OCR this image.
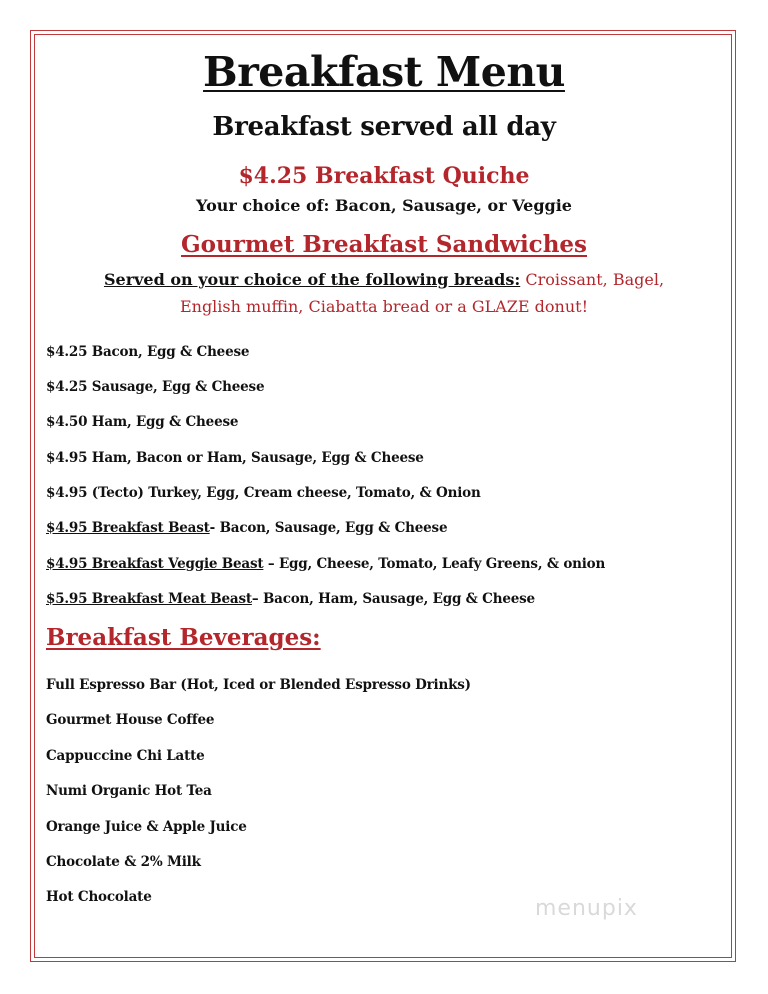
Breakfast Menu
Breakfast served all day
$4.25 Breakfast Quiche
Your choice of: Bacon, Sausage, or Veggie
Gourmet Breakfast Sandwiches
Served on your choice of the following breads: Croissant, Bagel,
English muffin, Ciabatta bread or a GLAZE donut!
$4.25 Bacon, Egg & Cheese
$4.25 Sausage, Egg & Cheese
$4.50 Ham, Egg & Cheese
$4.95 Ham, Bacon or Ham, Sausage, Egg & Cheese
$4.95 (Tecto) Turkey, Egg, Cream cheese, Tomato, & Onion
$4.95 Breakfast Beast- Bacon, Sausage, Egg & Cheese
$4.95 Breakfast Veggie Beast – Egg, Cheese, Tomato, Leafy Greens, & onion
$5.95 Breakfast Meat Beast– Bacon, Ham, Sausage, Egg & Cheese
Breakfast Beverages:
Full Espresso Bar (Hot, Iced or Blended Espresso Drinks)
Gourmet House Coffee
Cappuccine Chi Latte
Numi Organic Hot Tea
Orange Juice & Apple Juice
Chocolate & 2% Milk
Hot Chocolate	menupix
